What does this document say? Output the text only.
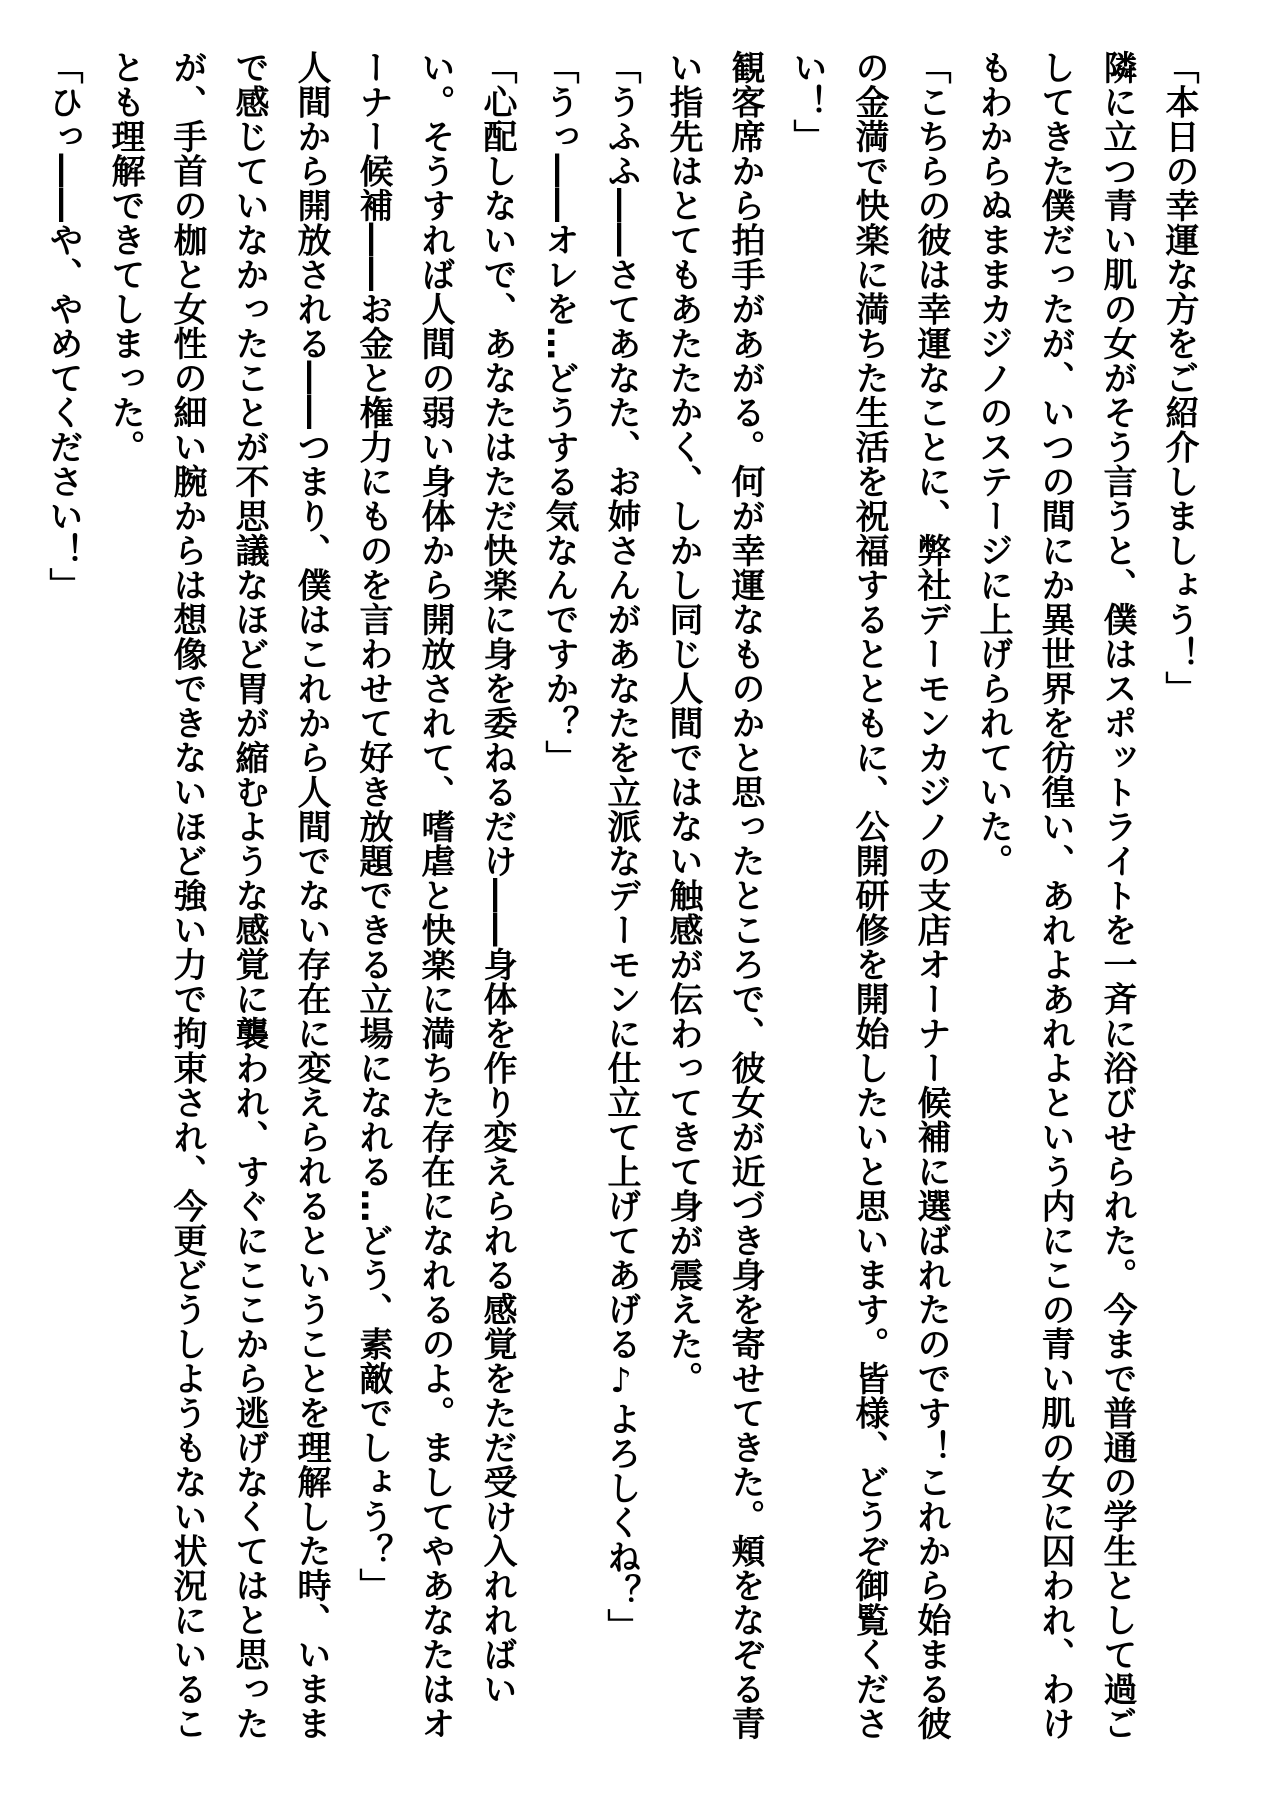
「本日の幸運な方をご紹介しましょう！」

隣に立つ青い肌の女がそう言うと、僕はスポットライトを一斉に浴びせられた。今まで普通の学生として過ごしてきた僕だったが、いつの間にか異世界を彷徨い、あれよあれよという内にこの青い肌の女に囚われ、わけもわからぬままカジノのステージに上げられていた。

「こちらの彼は幸運なことに、弊社デーモンカジノの支店オーナー候補に選ばれたのです！これから始まる彼の金満で快楽に満ちた生活を祝福するとともに、公開研修を開始したいと思います。皆様、どうぞ御覧ください！」

観客席から拍手があがる。何が幸運なものかと思ったところで、彼女が近づき身を寄せてきた。頬をなぞる青い指先はとてもあたたかく、しかし同じ人間ではない触感が伝わってきて身が震えた。

「うふふ――さてあなた、お姉さんがあなたを立派なデーモンに仕立て上げてあげる♪よろしくね？」

「うっ――オレを…どうする気なんですか？」

「心配しないで、あなたはただ快楽に身を委ねるだけ――身体を作り変えられる感覚をただ受け入れればいい。そうすれば人間の弱い身体から開放されて、嗜虐と快楽に満ちた存在になれるのよ。ましてやあなたはオーナー候補――お金と権力にものを言わせて好き放題できる立場になれる…どう、素敵でしょう？」

人間から開放される――つまり、僕はこれから人間でない存在に変えられるということを理解した時、いままで感じていなかったことが不思議なほど胃が縮むような感覚に襲われ、すぐにここから逃げなくてはと思ったが、手首の枷と女性の細い腕からは想像できないほど強い力で拘束され、今更どうしようもない状況にいることも理解できてしまった。

「ひっ――や、やめてください！」
